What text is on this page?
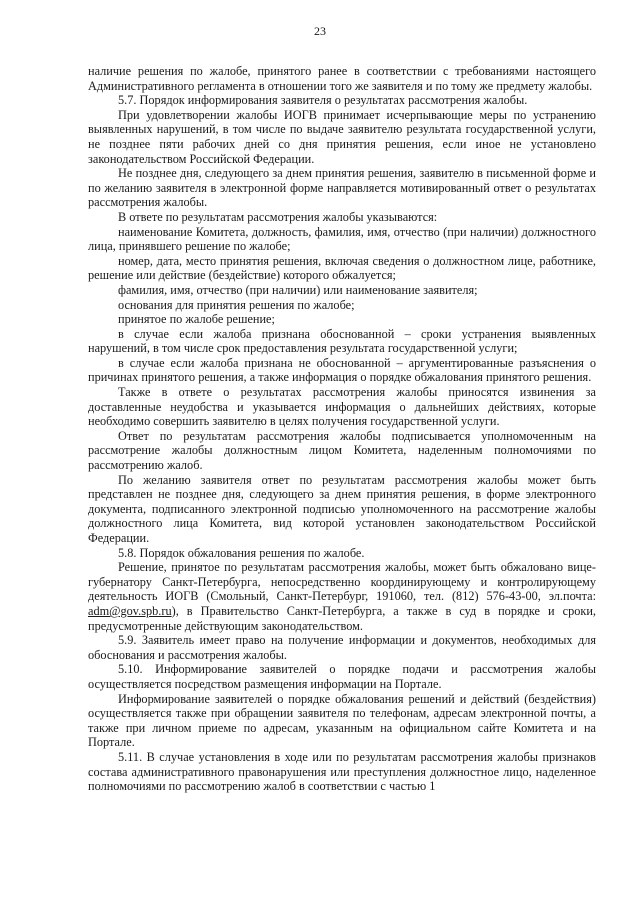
23

наличие решения по жалобе, принятого ранее в соответствии с требованиями настоящего Административного регламента в отношении того же заявителя и по тому же предмету жалобы.

5.7. Порядок информирования заявителя о результатах рассмотрения жалобы.

При удовлетворении жалобы ИОГВ принимает исчерпывающие меры по устранению выявленных нарушений, в том числе по выдаче заявителю результата государственной услуги, не позднее пяти рабочих дней со дня принятия решения, если иное не установлено законодательством Российской Федерации.

Не позднее дня, следующего за днем принятия решения, заявителю в письменной форме и по желанию заявителя в электронной форме направляется мотивированный ответ о результатах рассмотрения жалобы.

В ответе по результатам рассмотрения жалобы указываются:

наименование Комитета, должность, фамилия, имя, отчество (при наличии) должностного лица, принявшего решение по жалобе;

номер, дата, место принятия решения, включая сведения о должностном лице, работнике, решение или действие (бездействие) которого обжалуется;

фамилия, имя, отчество (при наличии) или наименование заявителя;

основания для принятия решения по жалобе;

принятое по жалобе решение;

в случае если жалоба признана обоснованной – сроки устранения выявленных нарушений, в том числе срок предоставления результата государственной услуги;

в случае если жалоба признана не обоснованной – аргументированные разъяснения о причинах принятого решения, а также информация о порядке обжалования принятого решения.

Также в ответе о результатах рассмотрения жалобы приносятся извинения за доставленные неудобства и указывается информация о дальнейших действиях, которые необходимо совершить заявителю в целях получения государственной услуги.

Ответ по результатам рассмотрения жалобы подписывается уполномоченным на рассмотрение жалобы должностным лицом Комитета, наделенным полномочиями по рассмотрению жалоб.

По желанию заявителя ответ по результатам рассмотрения жалобы может быть представлен не позднее дня, следующего за днем принятия решения, в форме электронного документа, подписанного электронной подписью уполномоченного на рассмотрение жалобы должностного лица Комитета, вид которой установлен законодательством Российской Федерации.

5.8. Порядок обжалования решения по жалобе.

Решение, принятое по результатам рассмотрения жалобы, может быть обжаловано вице-губернатору Санкт-Петербурга, непосредственно координирующему и контролирующему деятельность ИОГВ (Смольный, Санкт-Петербург, 191060, тел. (812) 576-43-00, эл.почта: adm@gov.spb.ru), в Правительство Санкт-Петербурга, а также в суд в порядке и сроки, предусмотренные действующим законодательством.

5.9. Заявитель имеет право на получение информации и документов, необходимых для обоснования и рассмотрения жалобы.

5.10. Информирование заявителей о порядке подачи и рассмотрения жалобы осуществляется посредством размещения информации на Портале.

Информирование заявителей о порядке обжалования решений и действий (бездействия) осуществляется также при обращении заявителя по телефонам, адресам электронной почты, а также при личном приеме по адресам, указанным на официальном сайте Комитета и на Портале.

5.11. В случае установления в ходе или по результатам рассмотрения жалобы признаков состава административного правонарушения или преступления должностное лицо, наделенное полномочиями по рассмотрению жалоб в соответствии с частью 1
